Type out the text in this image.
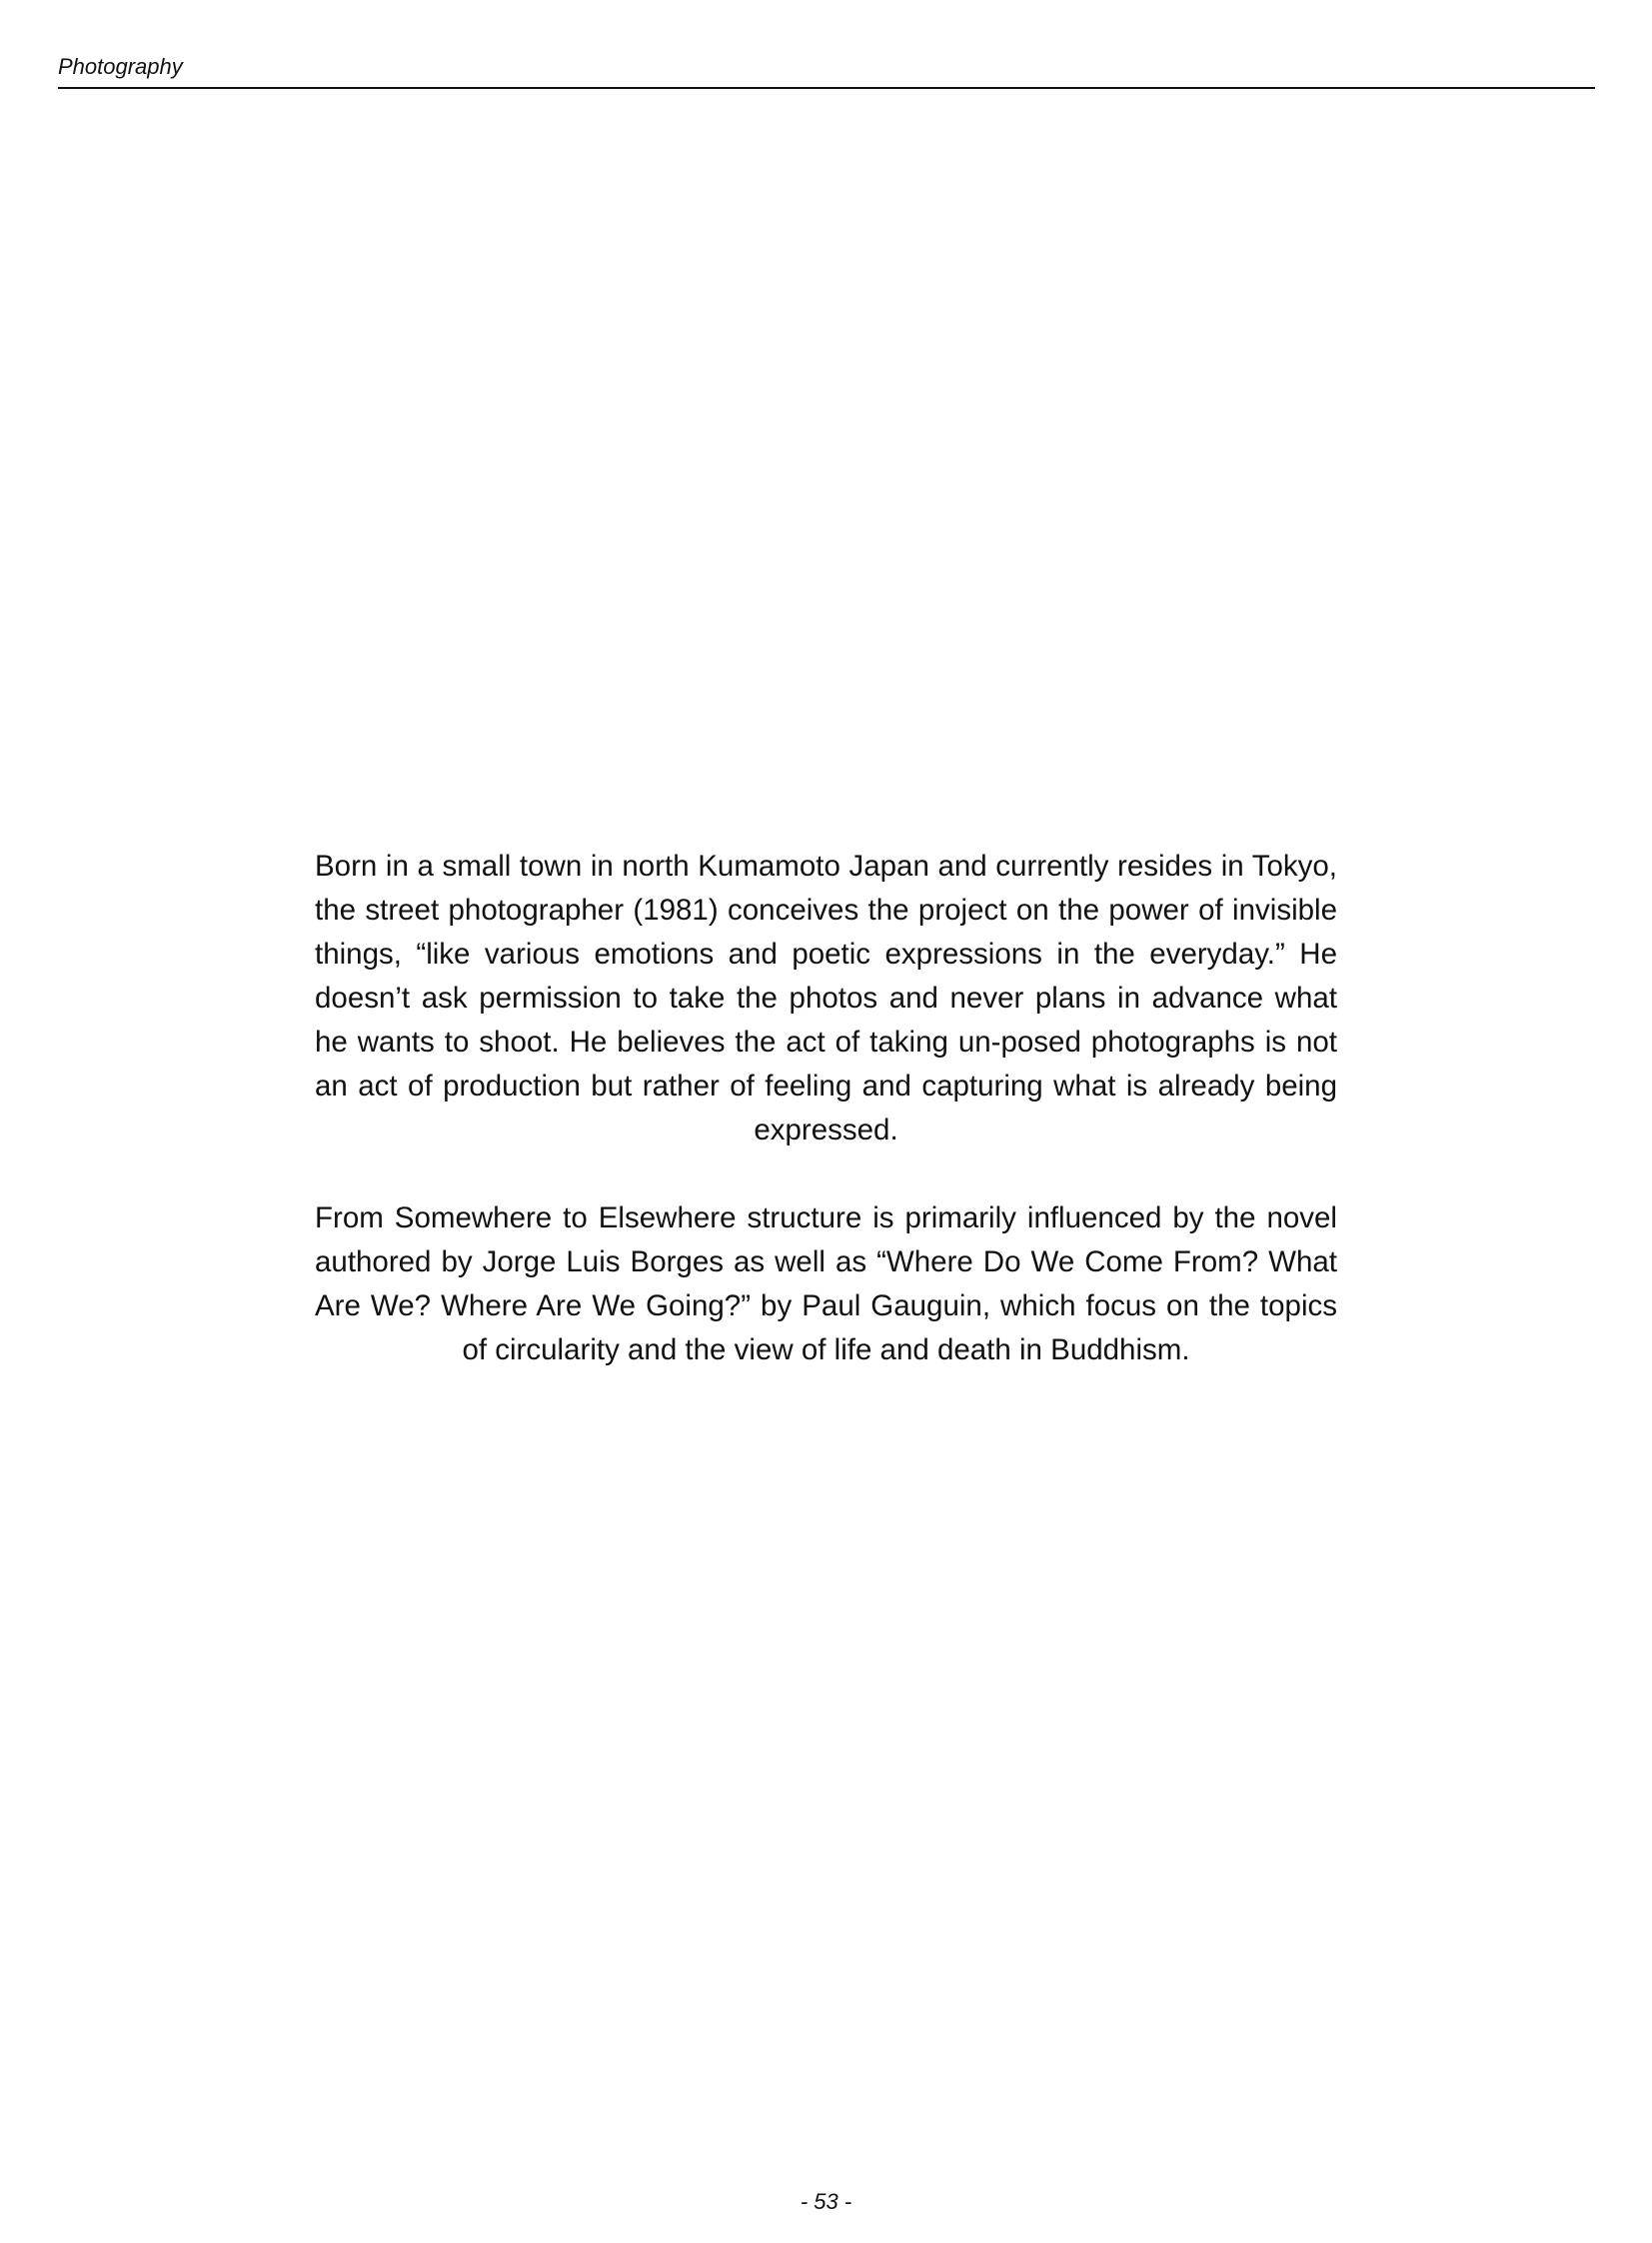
Photography

Born in a small town in north Kumamoto Japan and currently resides in Tokyo, the street photographer (1981) conceives the project on the power of invisible things, “like various emotions and poetic expressions in the everyday.” He doesn’t ask permission to take the photos and never plans in advance what he wants to shoot. He believes the act of taking un-posed photographs is not an act of production but rather of feeling and capturing what is already being expressed.

From Somewhere to Elsewhere structure is primarily influenced by the novel authored by Jorge Luis Borges as well as “Where Do We Come From? What Are We? Where Are We Going?” by Paul Gauguin, which focus on the topics of circularity and the view of life and death in Buddhism.

- 53 -
